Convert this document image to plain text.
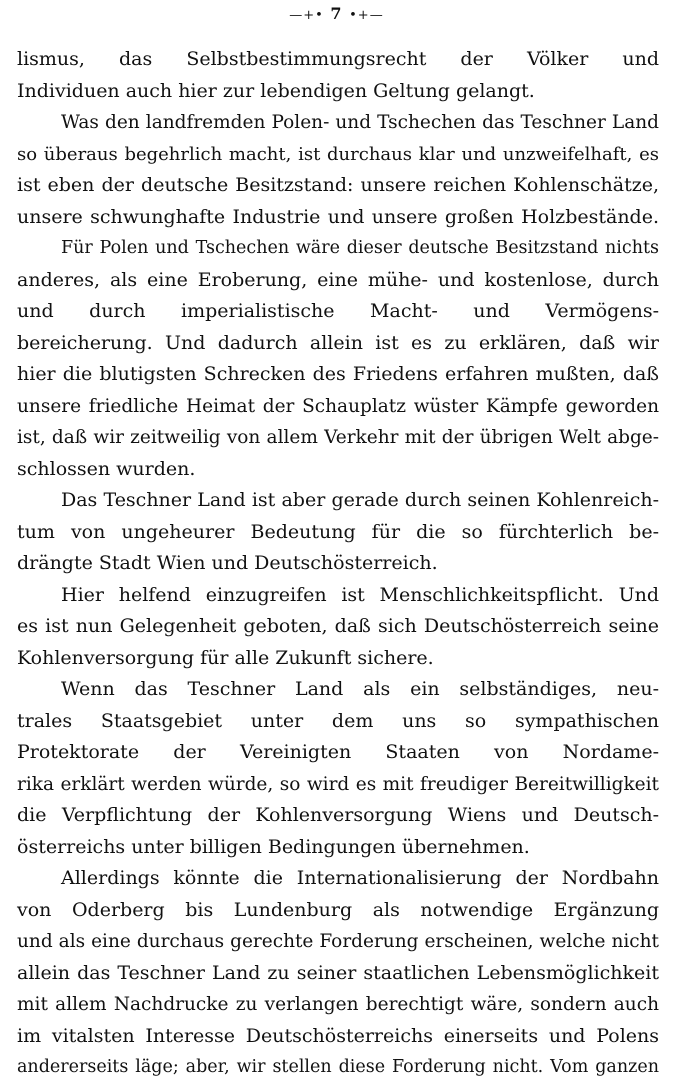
—+• 7 •+—
lismus, das Selbstbestimmungsrecht der Völker und
Individuen auch hier zur lebendigen Geltung gelangt.
Was den landfremden Polen- und Tschechen das Teschner Land
so überaus begehrlich macht, ist durchaus klar und unzweifelhaft, es
ist eben der deutsche Besitzstand: unsere reichen Kohlenschätze,
unsere schwunghafte Industrie und unsere großen Holzbestände.
Für Polen und Tschechen wäre dieser deutsche Besitzstand nichts
anderes, als eine Eroberung, eine mühe- und kostenlose, durch
und durch imperialistische Macht- und Vermögens-
bereicherung. Und dadurch allein ist es zu erklären, daß wir
hier die blutigsten Schrecken des Friedens erfahren mußten, daß
unsere friedliche Heimat der Schauplatz wüster Kämpfe geworden
ist, daß wir zeitweilig von allem Verkehr mit der übrigen Welt abge-
schlossen wurden.
Das Teschner Land ist aber gerade durch seinen Kohlenreich-
tum von ungeheurer Bedeutung für die so fürchterlich be-
drängte Stadt Wien und Deutschösterreich.
Hier helfend einzugreifen ist Menschlichkeitspflicht. Und
es ist nun Gelegenheit geboten, daß sich Deutschösterreich seine
Kohlenversorgung für alle Zukunft sichere.
Wenn das Teschner Land als ein selbständiges, neu-
trales Staatsgebiet unter dem uns so sympathischen
Protektorate der Vereinigten Staaten von Nordame-
rika erklärt werden würde, so wird es mit freudiger Bereitwilligkeit
die Verpflichtung der Kohlenversorgung Wiens und Deutsch-
österreichs unter billigen Bedingungen übernehmen.
Allerdings könnte die Internationalisierung der Nordbahn
von Oderberg bis Lundenburg als notwendige Ergänzung
und als eine durchaus gerechte Forderung erscheinen, welche nicht
allein das Teschner Land zu seiner staatlichen Lebensmöglichkeit
mit allem Nachdrucke zu verlangen berechtigt wäre, sondern auch
im vitalsten Interesse Deutschösterreichs einerseits und Polens
andererseits läge; aber, wir stellen diese Forderung nicht. Vom ganzen
